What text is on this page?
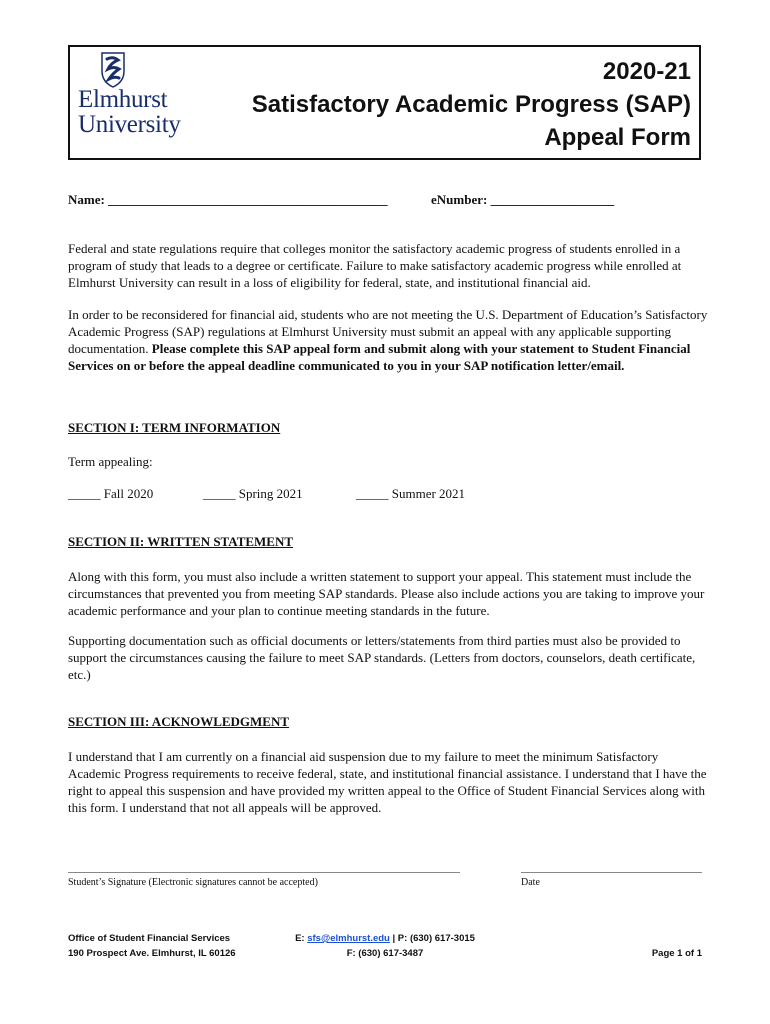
Elmhurst
University
2020-21
Satisfactory Academic Progress (SAP)
Appeal Form
Name: ___________________________________________	eNumber: ___________________
Federal and state regulations require that colleges monitor the satisfactory academic progress of students enrolled in a program of study that leads to a degree or certificate. Failure to make satisfactory academic progress while enrolled at Elmhurst University can result in a loss of eligibility for federal, state, and institutional financial aid.
In order to be reconsidered for financial aid, students who are not meeting the U.S. Department of Education’s Satisfactory Academic Progress (SAP) regulations at Elmhurst University must submit an appeal with any applicable supporting documentation. Please complete this SAP appeal form and submit along with your statement to Student Financial Services on or before the appeal deadline communicated to you in your SAP notification letter/email.
SECTION I: TERM INFORMATION
Term appealing:
_____ Fall 2020	_____ Spring 2021	_____ Summer 2021
SECTION II: WRITTEN STATEMENT
Along with this form, you must also include a written statement to support your appeal. This statement must include the circumstances that prevented you from meeting SAP standards. Please also include actions you are taking to improve your academic performance and your plan to continue meeting standards in the future.
Supporting documentation such as official documents or letters/statements from third parties must also be provided to support the circumstances causing the failure to meet SAP standards. (Letters from doctors, counselors, death certificate, etc.)
SECTION III: ACKNOWLEDGMENT
I understand that I am currently on a financial aid suspension due to my failure to meet the minimum Satisfactory Academic Progress requirements to receive federal, state, and institutional financial assistance. I understand that I have the right to appeal this suspension and have provided my written appeal to the Office of Student Financial Services along with this form. I understand that not all appeals will be approved.
Student’s Signature (Electronic signatures cannot be accepted)	Date
Office of Student Financial Services
190 Prospect Ave. Elmhurst, IL 60126
E: sfs@elmhurst.edu | P: (630) 617-3015
F: (630) 617-3487	Page 1 of 1
